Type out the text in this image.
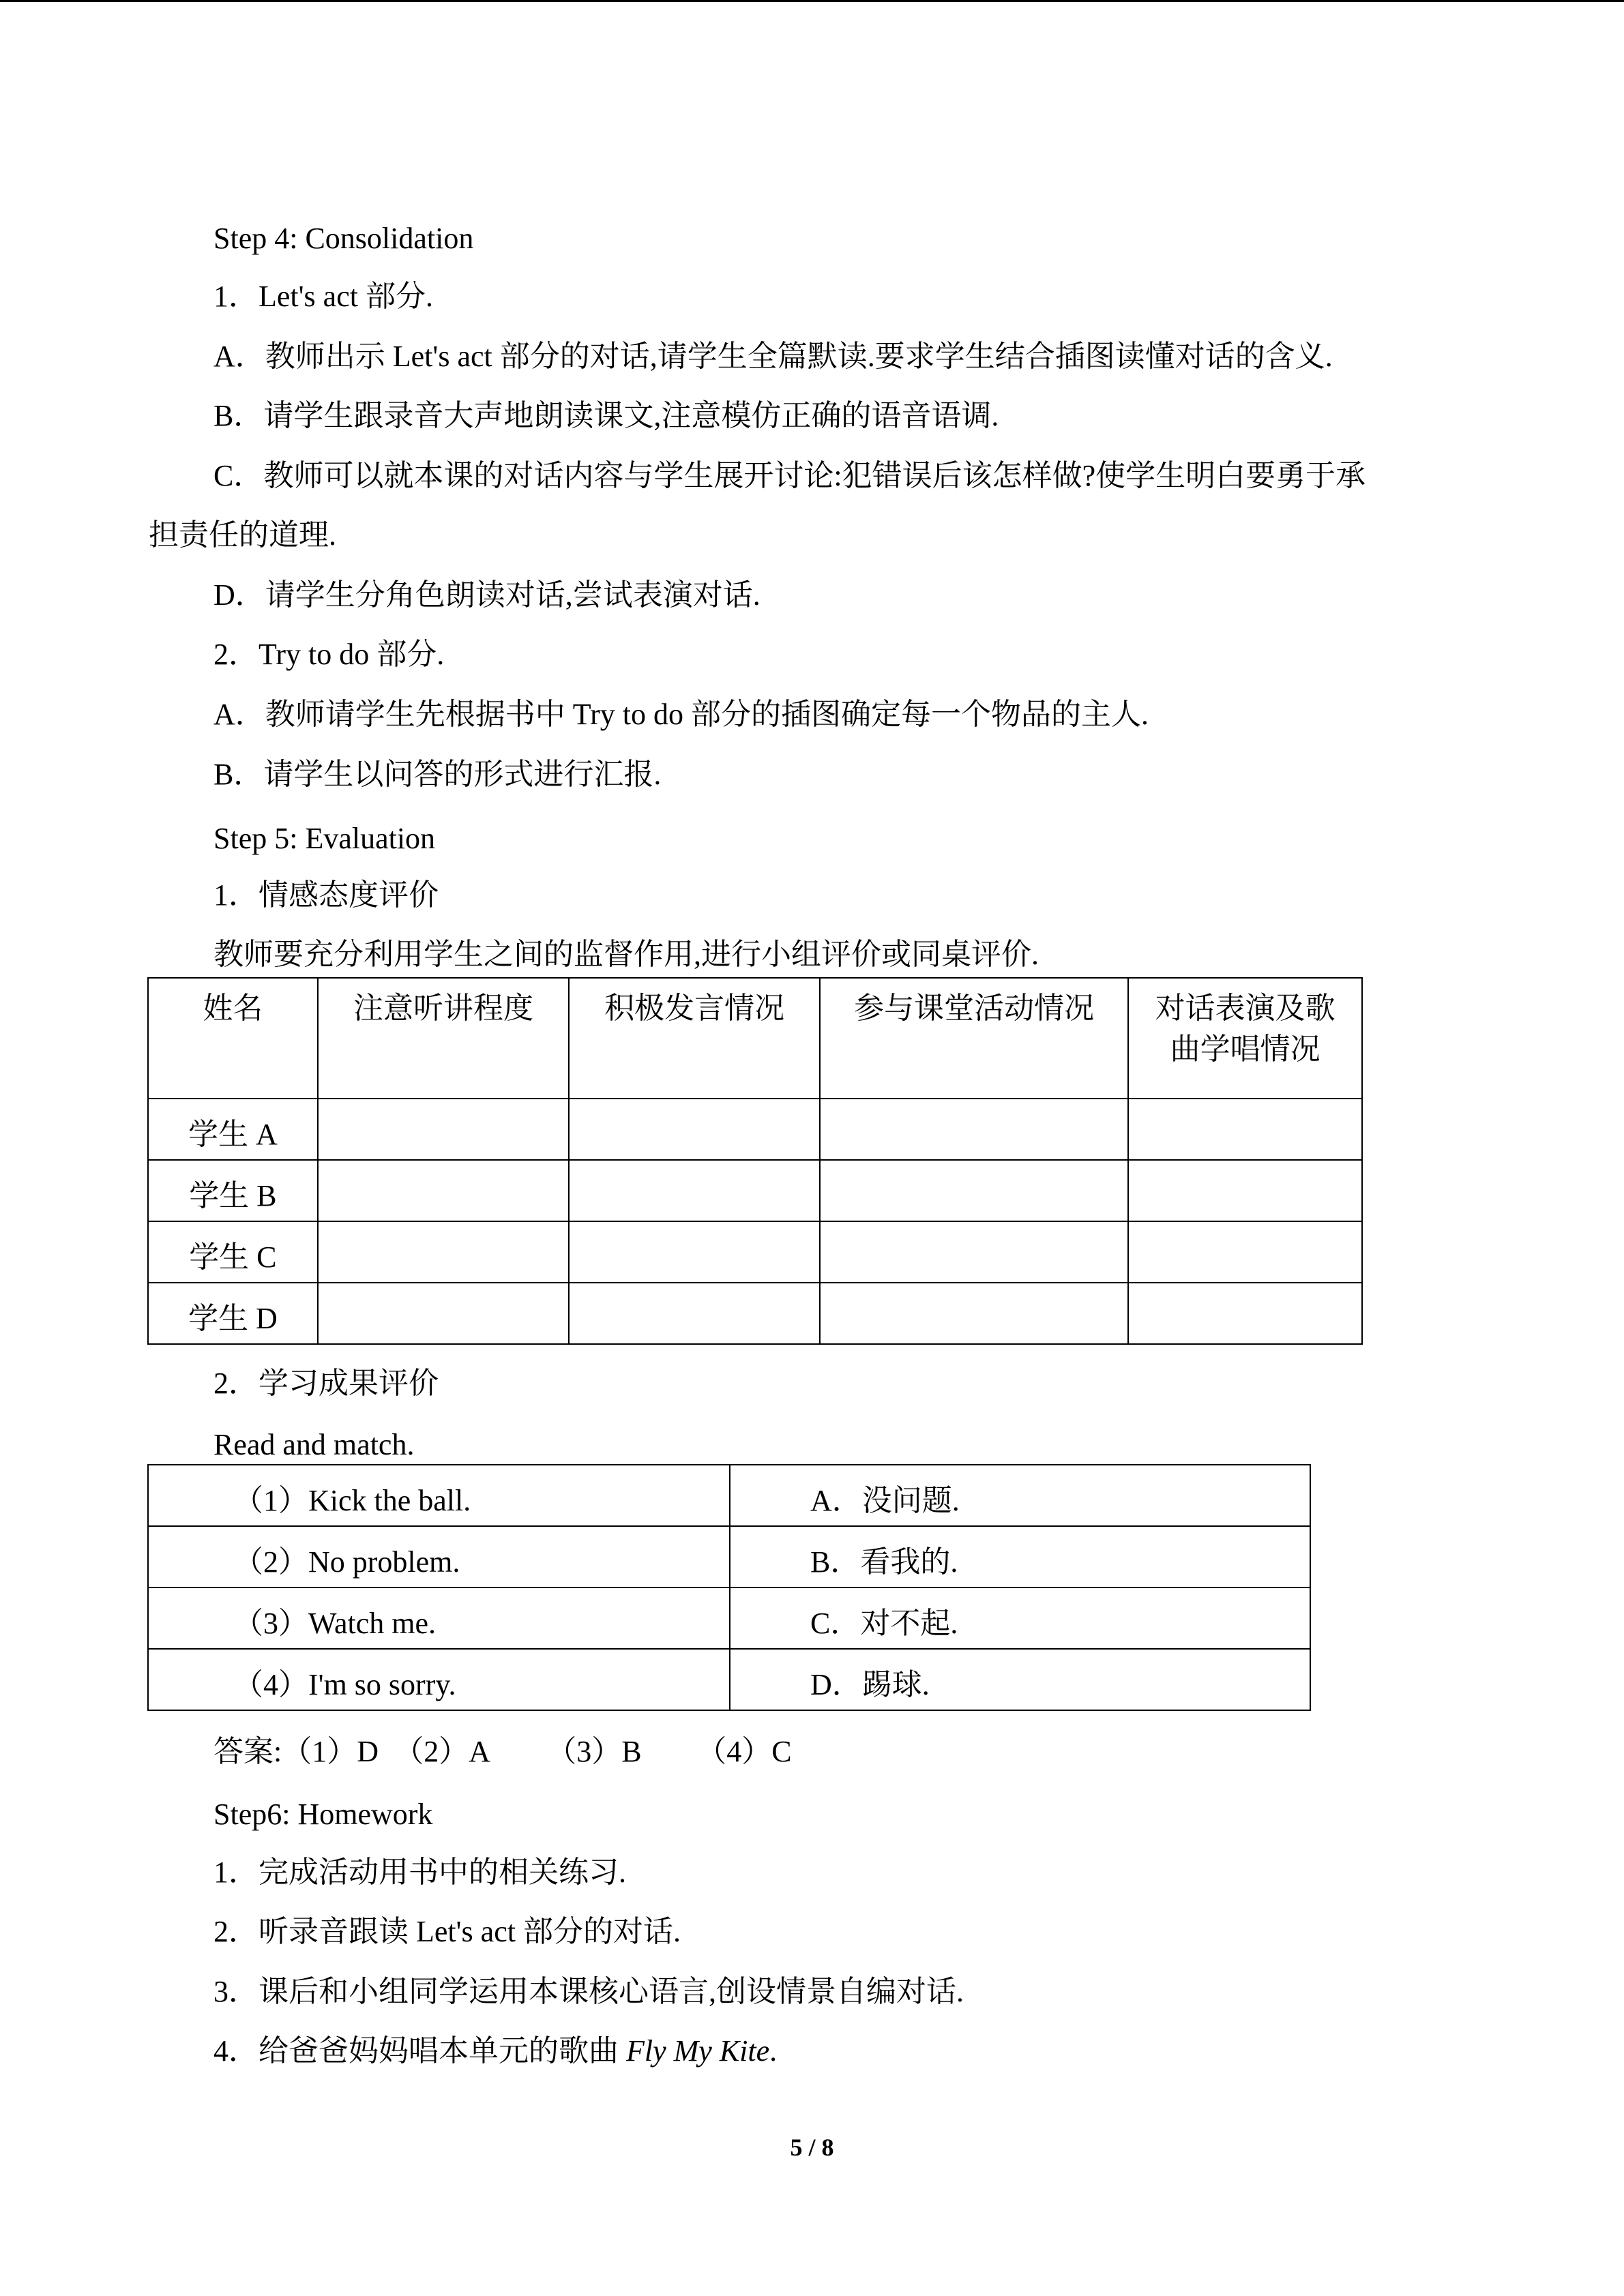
Step 4: Consolidation

1．Let's act 部分.

A．教师出示 Let's act 部分的对话,请学生全篇默读.要求学生结合插图读懂对话的含义.

B．请学生跟录音大声地朗读课文,注意模仿正确的语音语调.

C．教师可以就本课的对话内容与学生展开讨论:犯错误后该怎样做?使学生明白要勇于承

担责任的道理.

D．请学生分角色朗读对话,尝试表演对话.

2．Try to do 部分.

A．教师请学生先根据书中 Try to do 部分的插图确定每一个物品的主人.

B．请学生以问答的形式进行汇报.

Step 5: Evaluation

1．情感态度评价

教师要充分利用学生之间的监督作用,进行小组评价或同桌评价.

姓名	注意听讲程度	积极发言情况	参与课堂活动情况	对话表演及歌
曲学唱情况
学生 A				
学生 B				
学生 C				
学生 D				

2．学习成果评价

Read and match.

（1）Kick the ball.	A．没问题.
（2）No problem.	B．看我的.
（3）Watch me.	C．对不起.
（4）I'm so sorry.	D．踢球.

答案:（1）D （2）A （3）B （4）C

Step6: Homework

1．完成活动用书中的相关练习.

2．听录音跟读 Let's act 部分的对话.

3．课后和小组同学运用本课核心语言,创设情景自编对话.

4．给爸爸妈妈唱本单元的歌曲 Fly My Kite.

5 / 8
